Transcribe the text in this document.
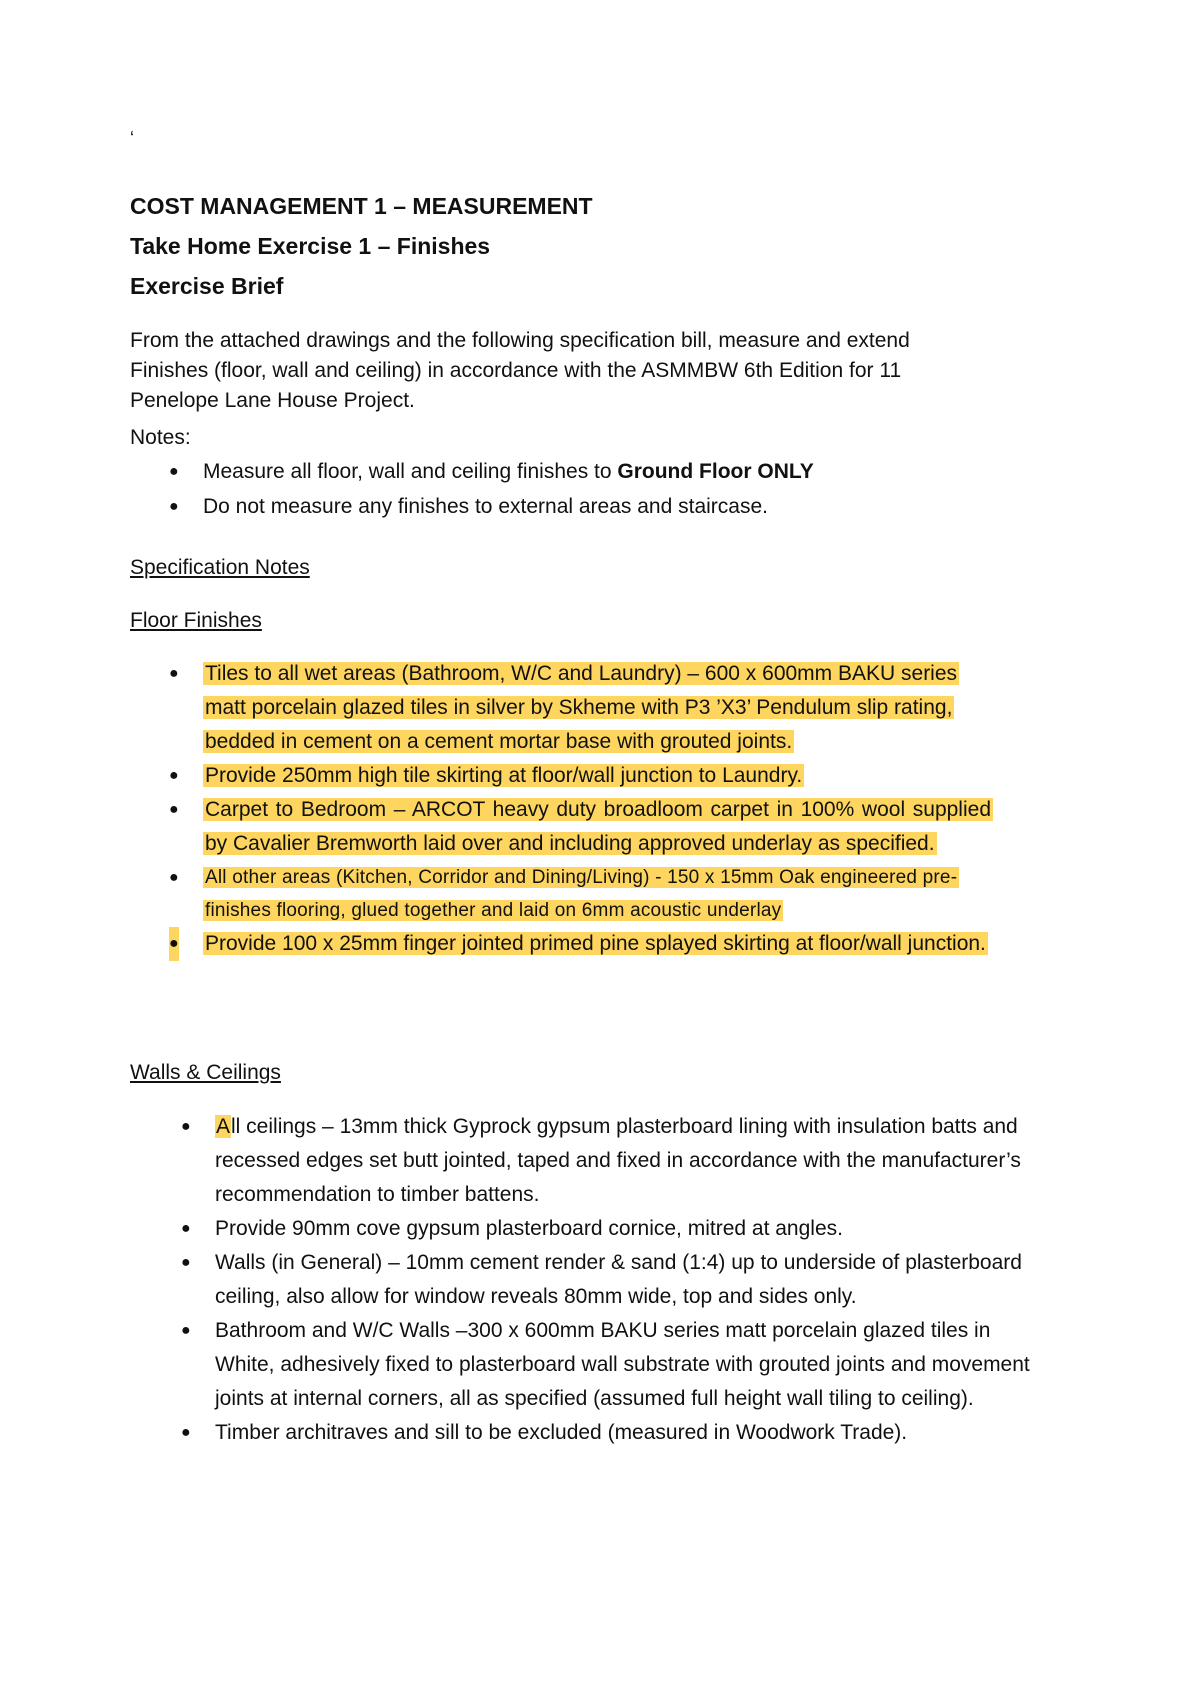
‘
COST MANAGEMENT 1 – MEASUREMENT
Take Home Exercise 1 – Finishes
Exercise Brief

From the attached drawings and the following specification bill, measure and extend

Finishes (floor, wall and ceiling) in accordance with the ASMMBW 6th Edition for 11

Penelope Lane House Project.

Notes:
● Measure all floor, wall and ceiling finishes to Ground Floor ONLY
● Do not measure any finishes to external areas and staircase.
Specification Notes
Floor Finishes
● Tiles to all wet areas (Bathroom, W/C and Laundry) – 600 x 600mm BAKU series matt porcelain glazed tiles in silver by Skheme with P3 ’X3’ Pendulum slip rating, bedded in cement on a cement mortar base with grouted joints.
● Provide 250mm high tile skirting at floor/wall junction to Laundry.
● Carpet to Bedroom – ARCOT heavy duty broadloom carpet in 100% wool supplied by Cavalier Bremworth laid over and including approved underlay as specified.
● All other areas (Kitchen, Corridor and Dining/Living) - 150 x 15mm Oak engineered pre-finishes flooring, glued together and laid on 6mm acoustic underlay
● Provide 100 x 25mm finger jointed primed pine splayed skirting at floor/wall junction.
Walls & Ceilings
● All ceilings – 13mm thick Gyprock gypsum plasterboard lining with insulation batts and recessed edges set butt jointed, taped and fixed in accordance with the manufacturer’s recommendation to timber battens.
● Provide 90mm cove gypsum plasterboard cornice, mitred at angles.
● Walls (in General) – 10mm cement render & sand (1:4) up to underside of plasterboard ceiling, also allow for window reveals 80mm wide, top and sides only.
● Bathroom and W/C Walls –300 x 600mm BAKU series matt porcelain glazed tiles in White, adhesively fixed to plasterboard wall substrate with grouted joints and movement joints at internal corners, all as specified (assumed full height wall tiling to ceiling).
● Timber architraves and sill to be excluded (measured in Woodwork Trade).
